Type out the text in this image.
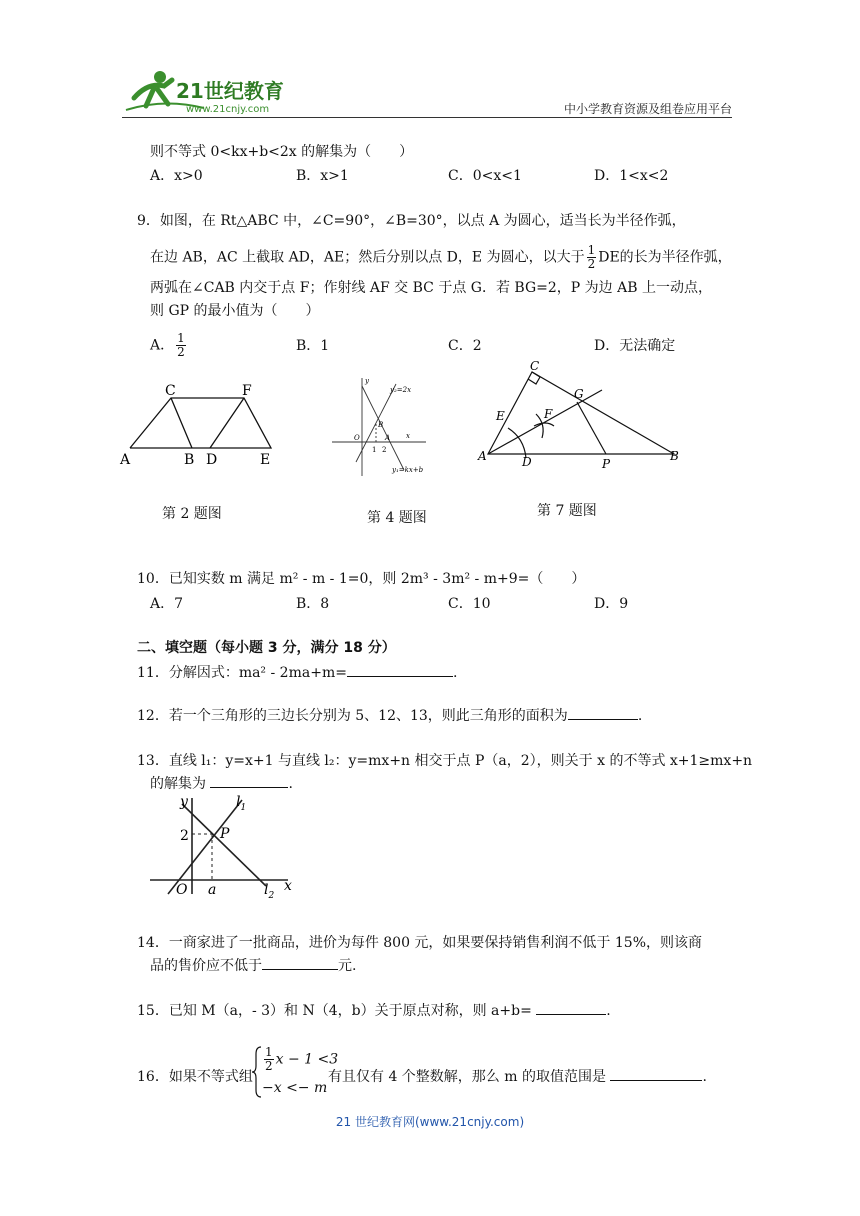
21世纪教育
www.21cnjy.com	中小学教育资源及组卷应用平台
则不等式 0<kx+b<2x 的解集为（　　）
A．x>0	B．x>1	C．0<x<1	D．1<x<2
9．如图，在 Rt△ABC 中，∠C=90°，∠B=30°，以点 A 为圆心，适当长为半径作弧，
在边 AB，AC 上截取 AD，AE；然后分别以点 D，E 为圆心，以大于 $\frac{1}{2}$ DE的长为半径作弧，
两弧在∠CAB 内交于点 F；作射线 AF 交 BC 于点 G．若 BG=2，P 为边 AB 上一动点，
则 GP 的最小值为（　　）
A． $\frac{1}{2}$	B．1	C．2	D．无法确定
C	F
A	B D	E
第 2 题图
y
y₂=2x
O
B
A
1 2
x
y₁=kx+b
第 4 题图
C
G
E	F
A	D	P
B
第 7 题图
10．已知实数 m 满足 m² - m - 1=0，则 2m³ - 3m² - m+9=（　　）
A．7	B．8	C．10	D．9
二、填空题（每小题 3 分，满分 18 分）
11．分解因式：ma² - 2ma+m=	.
12．若一个三角形的三边长分别为 5、12、13，则此三角形的面积为	.
13．直线 l₁：y=x+1 与直线 l₂：y=mx+n 相交于点 P（a，2），则关于 x 的不等式 x+1≥mx+n
的解集为	.
y	$l_1$
2 P
O a	$l_2$
x
14．一商家进了一批商品，进价为每件 800 元，如果要保持销售利润不低于 15%，则该商
品的售价应不低于	元.
15．已知 M（a，- 3）和 N（4，b）关于原点对称，则 a+b=	.
16．如果不等式组
$\frac{1}{2}$ x − 1 <3
−x <− m
有且仅有 4 个整数解，那么 m 的取值范围是	.
21 世纪教育网(www.21cnjy.com)
